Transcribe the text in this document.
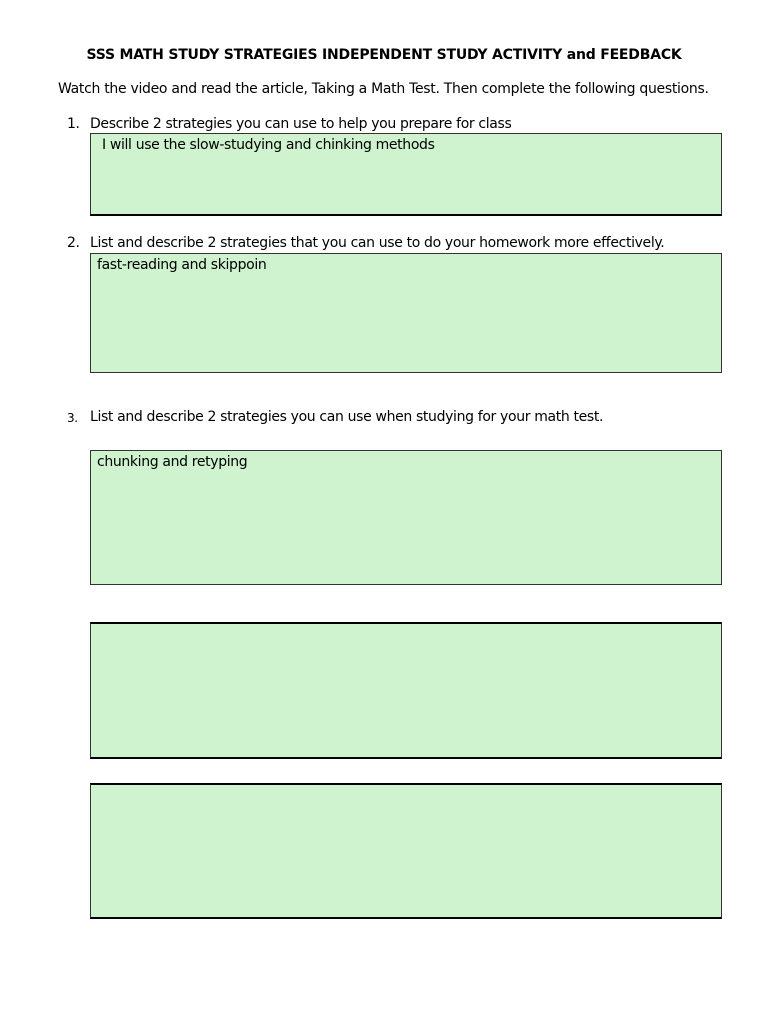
SSS MATH STUDY STRATEGIES INDEPENDENT STUDY ACTIVITY and FEEDBACK
Watch the video and read the article, Taking a Math Test. Then complete the following questions.
1. Describe 2 strategies you can use to help you prepare for class
I will use the slow-studying and chinking methods
2. List and describe 2 strategies that you can use to do your homework more effectively.
fast-reading and skippoin
3. List and describe 2 strategies you can use when studying for your math test.
chunking and retyping
